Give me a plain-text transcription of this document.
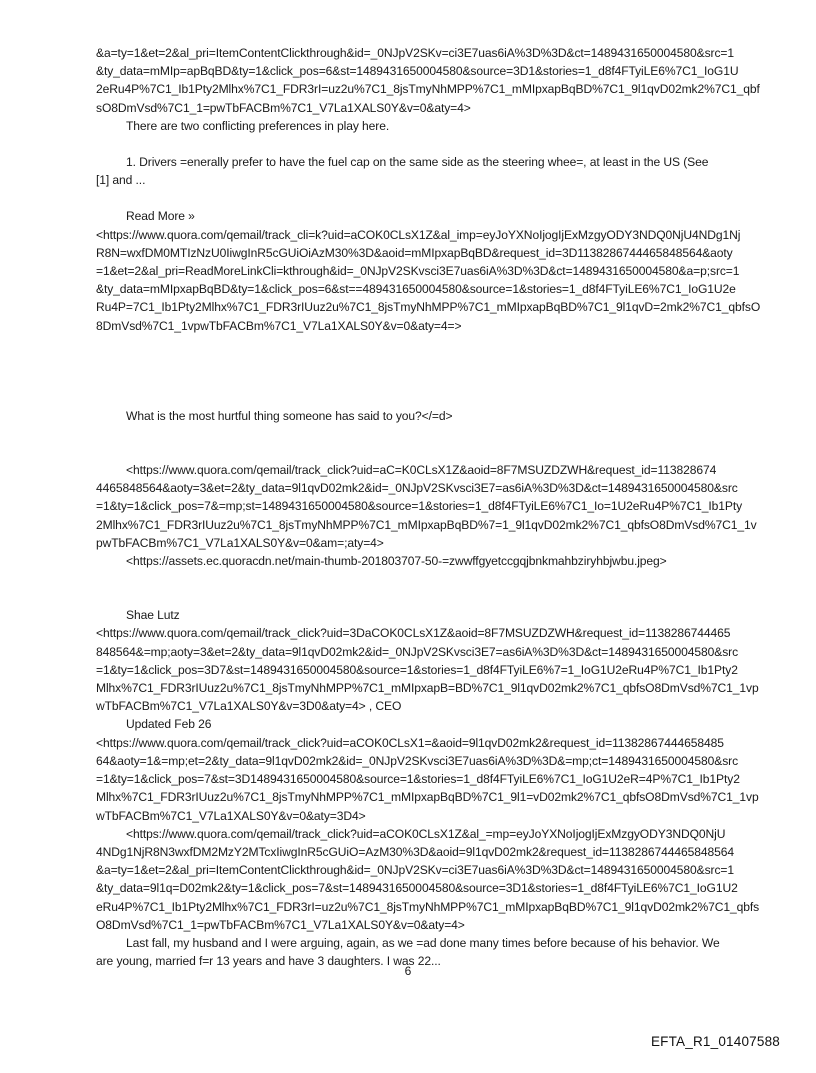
&a=ty=1&et=2&al_pri=ItemContentClickthrough&id=_0NJpV2SKv=ci3E7uas6iA%3D%3D&ct=1489431650004580&src=1
&ty_data=mMIp=apBqBD&ty=1&click_pos=6&st=1489431650004580&source=3D1&stories=1_d8f4FTyiLE6%7C1_IoG1U
2eRu4P%7C1_Ib1Pty2Mlhx%7C1_FDR3rI=uz2u%7C1_8jsTmyNhMPP%7C1_mMIpxapBqBD%7C1_9l1qvD02mk2%7C1_qbf
sO8DmVsd%7C1_1=pwTbFACBm%7C1_V7La1XALS0Y&v=0&aty=4>

There are two conflicting preferences in play here.

1. Drivers =enerally prefer to have the fuel cap on the same side as the steering whee=, at least in the US (See
[1] and ...

Read More »

<https://www.quora.com/qemail/track_cli=k?uid=aCOK0CLsX1Z&al_imp=eyJoYXNoIjogIjExMzgyODY3NDQ0NjU4NDg1Nj
R8N=wxfDM0MTIzNzU0IiwgInR5cGUiOiAzM30%3D&aoid=mMIpxapBqBD&request_id=3D1138286744465848564&aoty
=1&et=2&al_pri=ReadMoreLinkCli=kthrough&id=_0NJpV2SKvsci3E7uas6iA%3D%3D&ct=1489431650004580&a=p;src=1
&ty_data=mMIpxapBqBD&ty=1&click_pos=6&st==489431650004580&source=1&stories=1_d8f4FTyiLE6%7C1_IoG1U2e
Ru4P=7C1_Ib1Pty2Mlhx%7C1_FDR3rIUuz2u%7C1_8jsTmyNhMPP%7C1_mMIpxapBqBD%7C1_9l1qvD=2mk2%7C1_qbfsO
8DmVsd%7C1_1vpwTbFACBm%7C1_V7La1XALS0Y&v=0&aty=4=>

What is the most hurtful thing someone has said to you?</=d>

<https://www.quora.com/qemail/track_click?uid=aC=K0CLsX1Z&aoid=8F7MSUZDZWH&request_id=113828674
4465848564&aoty=3&et=2&ty_data=9l1qvD02mk2&id=_0NJpV2SKvsci3E7=as6iA%3D%3D&ct=1489431650004580&src
=1&ty=1&click_pos=7&=mp;st=1489431650004580&source=1&stories=1_d8f4FTyiLE6%7C1_Io=1U2eRu4P%7C1_Ib1Pty
2Mlhx%7C1_FDR3rIUuz2u%7C1_8jsTmyNhMPP%7C1_mMIpxapBqBD%7=1_9l1qvD02mk2%7C1_qbfsO8DmVsd%7C1_1v
pwTbFACBm%7C1_V7La1XALS0Y&v=0&am=;aty=4>

<https://assets.ec.quoracdn.net/main-thumb-201803707-50-=zwwffgyetccgqjbnkmahbziryhbjwbu.jpeg>

Shae Lutz

<https://www.quora.com/qemail/track_click?uid=3DaCOK0CLsX1Z&aoid=8F7MSUZDZWH&request_id=1138286744465
848564&=mp;aoty=3&et=2&ty_data=9l1qvD02mk2&id=_0NJpV2SKvsci3E7=as6iA%3D%3D&ct=1489431650004580&src
=1&ty=1&click_pos=3D7&st=1489431650004580&source=1&stories=1_d8f4FTyiLE6%7=1_IoG1U2eRu4P%7C1_Ib1Pty2
Mlhx%7C1_FDR3rIUuz2u%7C1_8jsTmyNhMPP%7C1_mMIpxapB=BD%7C1_9l1qvD02mk2%7C1_qbfsO8DmVsd%7C1_1vp
wTbFACBm%7C1_V7La1XALS0Y&v=3D0&aty=4> , CEO

Updated Feb 26

<https://www.quora.com/qemail/track_click?uid=aCOK0CLsX1=&aoid=9l1qvD02mk2&request_id=11382867444658485
64&aoty=1&=mp;et=2&ty_data=9l1qvD02mk2&id=_0NJpV2SKvsci3E7uas6iA%3D%3D&=mp;ct=1489431650004580&src
=1&ty=1&click_pos=7&st=3D1489431650004580&source=1&stories=1_d8f4FTyiLE6%7C1_IoG1U2eR=4P%7C1_Ib1Pty2
Mlhx%7C1_FDR3rIUuz2u%7C1_8jsTmyNhMPP%7C1_mMIpxapBqBD%7C1_9l1=vD02mk2%7C1_qbfsO8DmVsd%7C1_1vp
wTbFACBm%7C1_V7La1XALS0Y&v=0&aty=3D4>

<https://www.quora.com/qemail/track_click?uid=aCOK0CLsX1Z&al_=mp=eyJoYXNoIjogIjExMzgyODY3NDQ0NjU
4NDg1NjR8N3wxfDM2MzY2MTcxIiwgInR5cGUiO=AzM30%3D&aoid=9l1qvD02mk2&request_id=1138286744465848564
&a=ty=1&et=2&al_pri=ItemContentClickthrough&id=_0NJpV2SKv=ci3E7uas6iA%3D%3D&ct=1489431650004580&src=1
&ty_data=9l1q=D02mk2&ty=1&click_pos=7&st=1489431650004580&source=3D1&stories=1_d8f4FTyiLE6%7C1_IoG1U2
eRu4P%7C1_Ib1Pty2Mlhx%7C1_FDR3rI=uz2u%7C1_8jsTmyNhMPP%7C1_mMIpxapBqBD%7C1_9l1qvD02mk2%7C1_qbfs
O8DmVsd%7C1_1=pwTbFACBm%7C1_V7La1XALS0Y&v=0&aty=4>

Last fall, my husband and I were arguing, again, as we =ad done many times before because of his behavior. We
are young, married f=r 13 years and have 3 daughters. I was 22...

6
EFTA_R1_01407588
